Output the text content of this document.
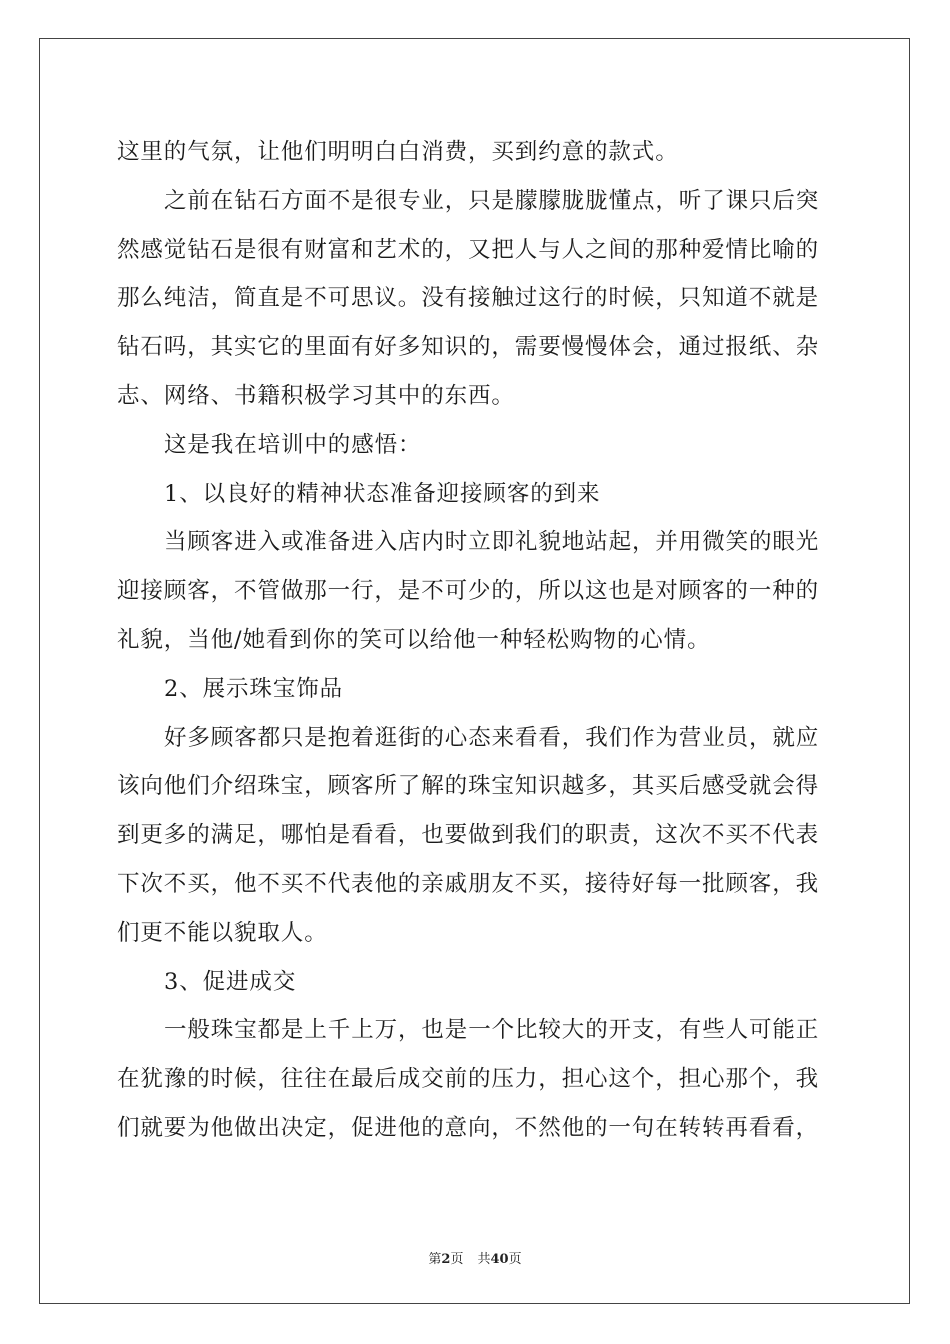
这里的气氛，让他们明明白白消费，买到约意的款式。
之前在钻石方面不是很专业，只是朦朦胧胧懂点，听了课只后突
然感觉钻石是很有财富和艺术的，又把人与人之间的那种爱情比喻的
那么纯洁，简直是不可思议。没有接触过这行的时候，只知道不就是
钻石吗，其实它的里面有好多知识的，需要慢慢体会，通过报纸、杂
志、网络、书籍积极学习其中的东西。
这是我在培训中的感悟：
1、以良好的精神状态准备迎接顾客的到来
当顾客进入或准备进入店内时立即礼貌地站起，并用微笑的眼光
迎接顾客，不管做那一行，是不可少的，所以这也是对顾客的一种的
礼貌，当他/她看到你的笑可以给他一种轻松购物的心情。
2、展示珠宝饰品
好多顾客都只是抱着逛街的心态来看看，我们作为营业员，就应
该向他们介绍珠宝，顾客所了解的珠宝知识越多，其买后感受就会得
到更多的满足，哪怕是看看，也要做到我们的职责，这次不买不代表
下次不买，他不买不代表他的亲戚朋友不买，接待好每一批顾客，我
们更不能以貌取人。
3、促进成交
一般珠宝都是上千上万，也是一个比较大的开支，有些人可能正
在犹豫的时候，往往在最后成交前的压力，担心这个，担心那个，我
们就要为他做出决定，促进他的意向，不然他的一句在转转再看看，
第2页 共40页
